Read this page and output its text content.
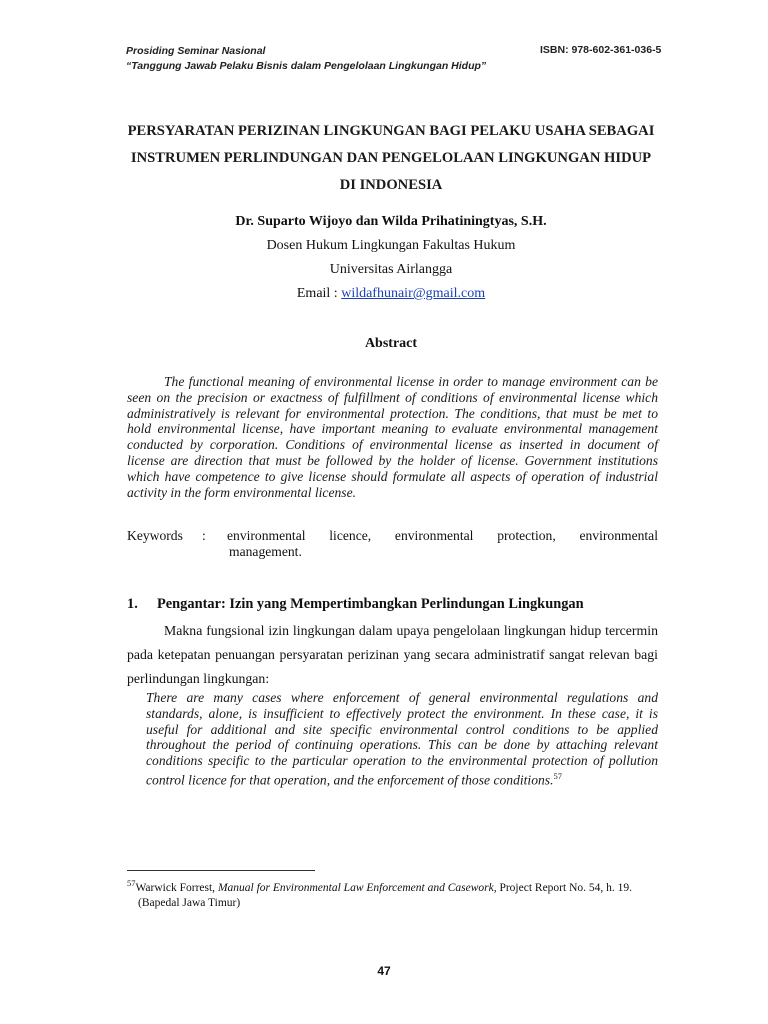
Prosiding Seminar Nasional
“Tanggung Jawab Pelaku Bisnis dalam Pengelolaan Lingkungan Hidup”
ISBN: 978-602-361-036-5
PERSYARATAN PERIZINAN LINGKUNGAN BAGI PELAKU USAHA SEBAGAI
INSTRUMEN PERLINDUNGAN DAN PENGELOLAAN LINGKUNGAN HIDUP
DI INDONESIA
Dr. Suparto Wijoyo dan Wilda Prihatiningtyas, S.H.
Dosen Hukum Lingkungan Fakultas Hukum
Universitas Airlangga
Email : wildafhunair@gmail.com
Abstract
The functional meaning of environmental license in order to manage environment can be seen on the precision or exactness of fulfillment of conditions of environmental license which administratively is relevant for environmental protection. The conditions, that must be met to hold environmental license, have important meaning to evaluate environmental management conducted by corporation. Conditions of environmental license as inserted in document of license are direction that must be followed by the holder of license. Government institutions which have competence to give license should formulate all aspects of operation of industrial activity in the form environmental license.
Keywords : environmental licence, environmental protection, environmental
management.
1. Pengantar: Izin yang Mempertimbangkan Perlindungan Lingkungan
Makna fungsional izin lingkungan dalam upaya pengelolaan lingkungan hidup tercermin pada ketepatan penuangan persyaratan perizinan yang secara administratif sangat relevan bagi perlindungan lingkungan:
There are many cases where enforcement of general environmental regulations and standards, alone, is insufficient to effectively protect the environment. In these case, it is useful for additional and site specific environmental control conditions to be applied throughout the period of continuing operations. This can be done by attaching relevant conditions specific to the particular operation to the environmental protection of pollution control licence for that operation, and the enforcement of those conditions.$^{57}$
$^{57}$Warwick Forrest, Manual for Environmental Law Enforcement and Casework, Project Report No. 54, h. 19.
(Bapedal Jawa Timur)
47
